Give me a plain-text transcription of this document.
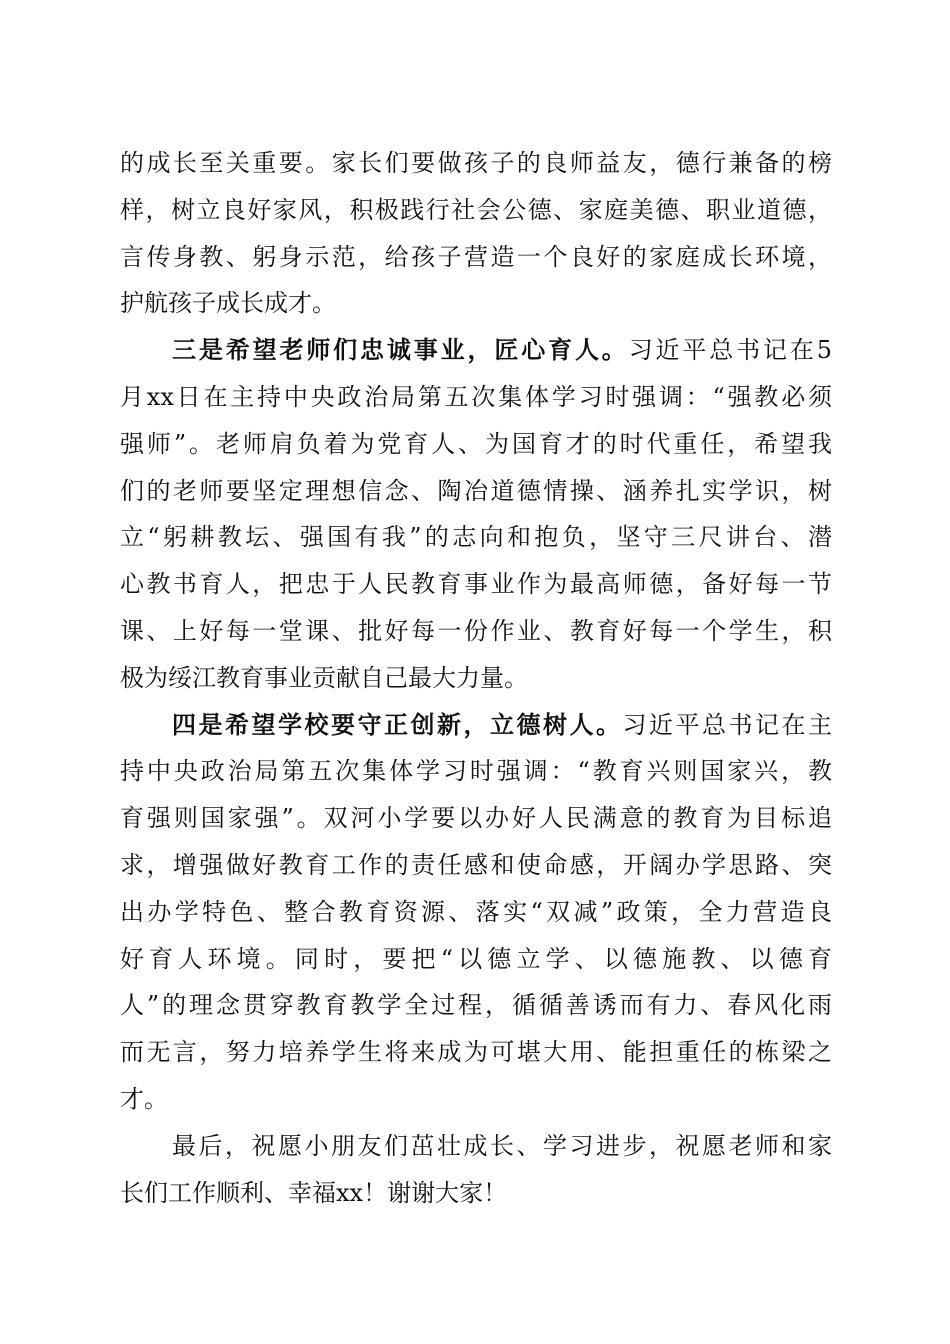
的成长至关重要。家长们要做孩子的良师益友，德行兼备的榜
样，树立良好家风，积极践行社会公德、家庭美德、职业道德，
言传身教、躬身示范，给孩子营造一个良好的家庭成长环境，
护航孩子成长成才。
三是希望老师们忠诚事业，匠心育人。习近平总书记在5
月xx日在主持中央政治局第五次集体学习时强调：“强教必须
强师”。老师肩负着为党育人、为国育才的时代重任，希望我
们的老师要坚定理想信念、陶冶道德情操、涵养扎实学识，树
立“躬耕教坛、强国有我”的志向和抱负，坚守三尺讲台、潜
心教书育人，把忠于人民教育事业作为最高师德，备好每一节
课、上好每一堂课、批好每一份作业、教育好每一个学生，积
极为绥江教育事业贡献自己最大力量。
四是希望学校要守正创新，立德树人。习近平总书记在主
持中央政治局第五次集体学习时强调：“教育兴则国家兴，教
育强则国家强”。双河小学要以办好人民满意的教育为目标追
求，增强做好教育工作的责任感和使命感，开阔办学思路、突
出办学特色、整合教育资源、落实“双减”政策，全力营造良
好育人环境。同时，要把“以德立学、以德施教、以德育
人”的理念贯穿教育教学全过程，循循善诱而有力、春风化雨
而无言，努力培养学生将来成为可堪大用、能担重任的栋梁之
才。
最后，祝愿小朋友们茁壮成长、学习进步，祝愿老师和家
长们工作顺利、幸福xx！谢谢大家！
